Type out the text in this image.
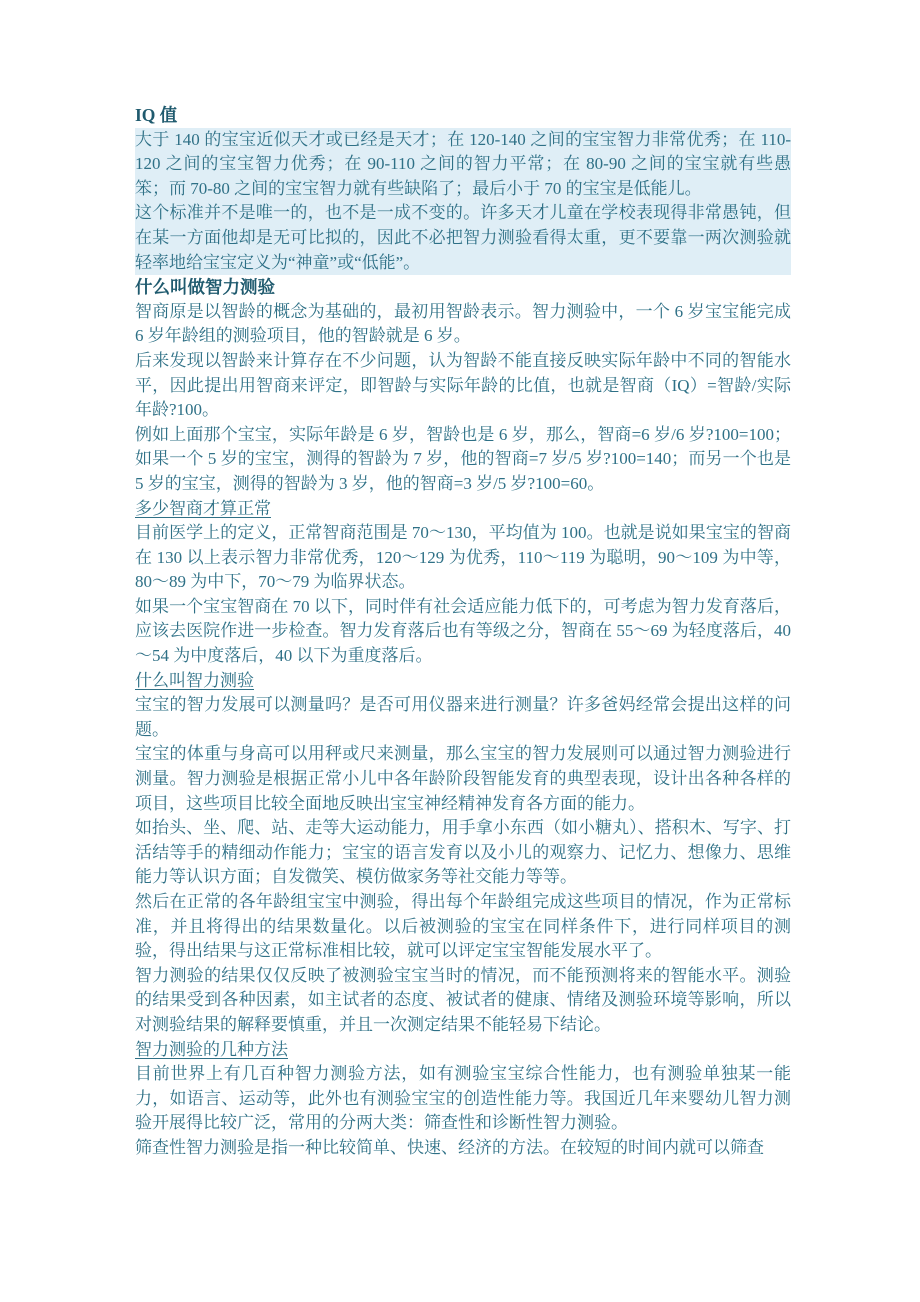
IQ 值

大于 140 的宝宝近似天才或已经是天才；在 120-140 之间的宝宝智力非常优秀；在 110-120 之间的宝宝智力优秀；在 90-110 之间的智力平常；在 80-90 之间的宝宝就有些愚笨；而 70-80 之间的宝宝智力就有些缺陷了；最后小于 70 的宝宝是低能儿。

这个标准并不是唯一的，也不是一成不变的。许多天才儿童在学校表现得非常愚钝，但在某一方面他却是无可比拟的，因此不必把智力测验看得太重，更不要靠一两次测验就轻率地给宝宝定义为“神童”或“低能”。

什么叫做智力测验

智商原是以智龄的概念为基础的，最初用智龄表示。智力测验中，一个 6 岁宝宝能完成 6 岁年龄组的测验项目，他的智龄就是 6 岁。

后来发现以智龄来计算存在不少问题，认为智龄不能直接反映实际年龄中不同的智能水平，因此提出用智商来评定，即智龄与实际年龄的比值，也就是智商（IQ）=智龄/实际年龄?100。

例如上面那个宝宝，实际年龄是 6 岁，智龄也是 6 岁，那么，智商=6 岁/6 岁?100=100；如果一个 5 岁的宝宝，测得的智龄为 7 岁，他的智商=7 岁/5 岁?100=140；而另一个也是 5 岁的宝宝，测得的智龄为 3 岁，他的智商=3 岁/5 岁?100=60。

多少智商才算正常

目前医学上的定义，正常智商范围是 70～130，平均值为 100。也就是说如果宝宝的智商在 130 以上表示智力非常优秀，120～129 为优秀，110～119 为聪明，90～109 为中等，80～89 为中下，70～79 为临界状态。

如果一个宝宝智商在 70 以下，同时伴有社会适应能力低下的，可考虑为智力发育落后，应该去医院作进一步检查。智力发育落后也有等级之分，智商在 55～69 为轻度落后，40～54 为中度落后，40 以下为重度落后。

什么叫智力测验

宝宝的智力发展可以测量吗？是否可用仪器来进行测量？许多爸妈经常会提出这样的问题。

宝宝的体重与身高可以用秤或尺来测量，那么宝宝的智力发展则可以通过智力测验进行测量。智力测验是根据正常小儿中各年龄阶段智能发育的典型表现，设计出各种各样的项目，这些项目比较全面地反映出宝宝神经精神发育各方面的能力。

如抬头、坐、爬、站、走等大运动能力，用手拿小东西（如小糖丸）、搭积木、写字、打活结等手的精细动作能力；宝宝的语言发育以及小儿的观察力、记忆力、想像力、思维能力等认识方面；自发微笑、模仿做家务等社交能力等等。

然后在正常的各年龄组宝宝中测验，得出每个年龄组完成这些项目的情况，作为正常标准，并且将得出的结果数量化。以后被测验的宝宝在同样条件下，进行同样项目的测验，得出结果与这正常标准相比较，就可以评定宝宝智能发展水平了。

智力测验的结果仅仅反映了被测验宝宝当时的情况，而不能预测将来的智能水平。测验的结果受到各种因素，如主试者的态度、被试者的健康、情绪及测验环境等影响，所以对测验结果的解释要慎重，并且一次测定结果不能轻易下结论。

智力测验的几种方法

目前世界上有几百种智力测验方法，如有测验宝宝综合性能力，也有测验单独某一能力，如语言、运动等，此外也有测验宝宝的创造性能力等。我国近几年来婴幼儿智力测验开展得比较广泛，常用的分两大类：筛查性和诊断性智力测验。

筛查性智力测验是指一种比较简单、快速、经济的方法。在较短的时间内就可以筛查
